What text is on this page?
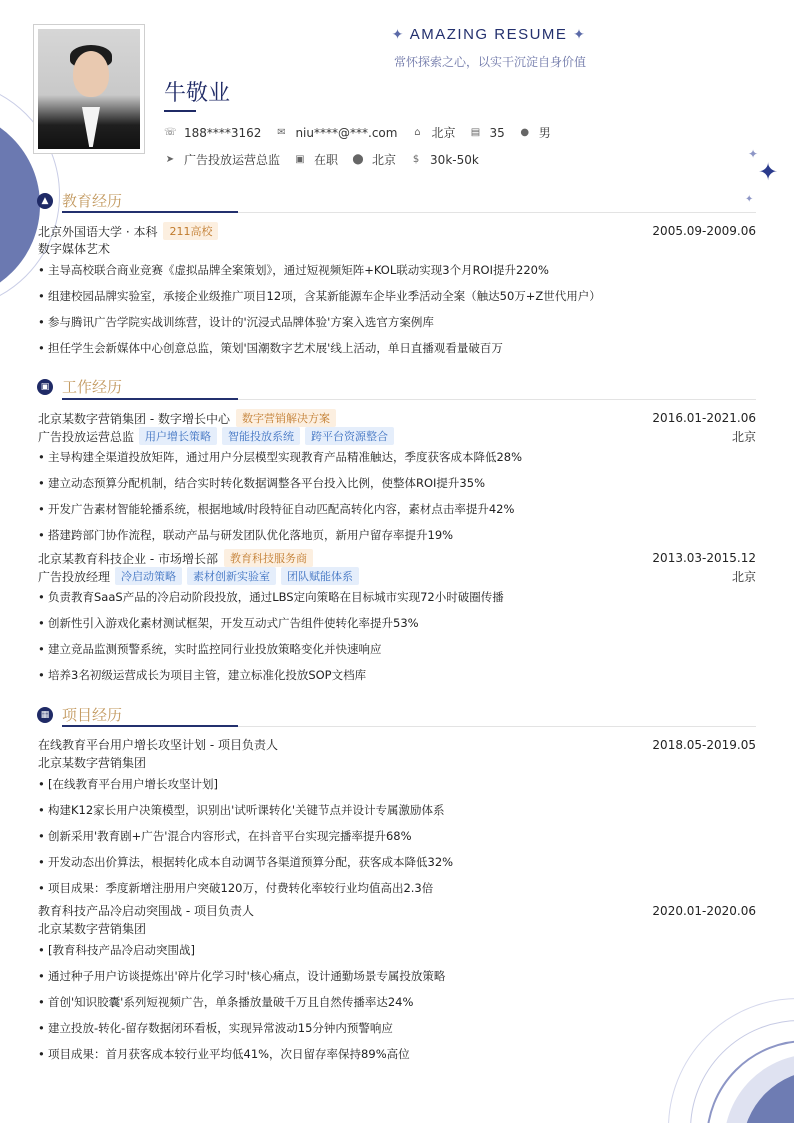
✦
✦
✦
✦ AMAZING RESUME ✦
常怀探索之心，以实干沉淀自身价值
牛敬业
☏ 188****3162 ✉ niu****@***.com ⌂ 北京 ▤ 35 ● 男
➤ 广告投放运营总监 ▣ 在职 ⬤ 北京 $ 30k-50k
▲ 教育经历
北京外国语大学 · 本科	211高校	2005.09-2009.06
数字媒体艺术
• 主导高校联合商业竞赛《虚拟品牌全案策划》，通过短视频矩阵+KOL联动实现3个月ROI提升220%
• 组建校园品牌实验室，承接企业级推广项目12项，含某新能源车企毕业季活动全案（触达50万+Z世代用户）
• 参与腾讯广告学院实战训练营，设计的'沉浸式品牌体验'方案入选官方案例库
• 担任学生会新媒体中心创意总监，策划'国潮数字艺术展'线上活动，单日直播观看量破百万
▣ 工作经历
北京某数字营销集团 - 数字增长中心	数字营销解决方案	2016.01-2021.06
广告投放运营总监	用户增长策略	智能投放系统	跨平台资源整合	北京
• 主导构建全渠道投放矩阵，通过用户分层模型实现教育产品精准触达，季度获客成本降低28%
• 建立动态预算分配机制，结合实时转化数据调整各平台投入比例，使整体ROI提升35%
• 开发广告素材智能轮播系统，根据地域/时段特征自动匹配高转化内容，素材点击率提升42%
• 搭建跨部门协作流程，联动产品与研发团队优化落地页，新用户留存率提升19%
北京某教育科技企业 - 市场增长部	教育科技服务商	2013.03-2015.12
广告投放经理	冷启动策略	素材创新实验室	团队赋能体系	北京
• 负责教育SaaS产品的冷启动阶段投放，通过LBS定向策略在目标城市实现72小时破圈传播
• 创新性引入游戏化素材测试框架，开发互动式广告组件使转化率提升53%
• 建立竞品监测预警系统，实时监控同行业投放策略变化并快速响应
• 培养3名初级运营成长为项目主管，建立标准化投放SOP文档库
▦ 项目经历
在线教育平台用户增长攻坚计划 - 项目负责人	2018.05-2019.05
北京某数字营销集团
• [在线教育平台用户增长攻坚计划]
• 构建K12家长用户决策模型，识别出'试听课转化'关键节点并设计专属激励体系
• 创新采用'教育剧+广告'混合内容形式，在抖音平台实现完播率提升68%
• 开发动态出价算法，根据转化成本自动调节各渠道预算分配，获客成本降低32%
• 项目成果：季度新增注册用户突破120万，付费转化率较行业均值高出2.3倍
教育科技产品冷启动突围战 - 项目负责人	2020.01-2020.06
北京某数字营销集团
• [教育科技产品冷启动突围战]
• 通过种子用户访谈提炼出'碎片化学习时'核心痛点，设计通勤场景专属投放策略
• 首创'知识胶囊'系列短视频广告，单条播放量破千万且自然传播率达24%
• 建立投放-转化-留存数据闭环看板，实现异常波动15分钟内预警响应
• 项目成果：首月获客成本较行业平均低41%，次日留存率保持89%高位
